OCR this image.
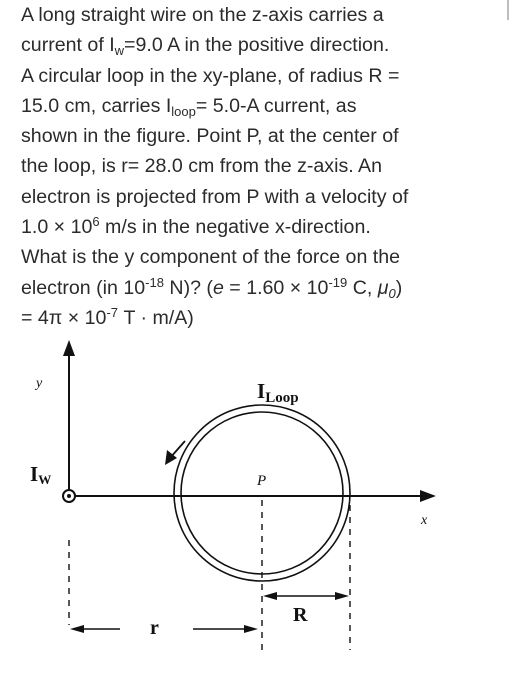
A long straight wire on the z-axis carries a
current of $I_w=9.0$ A in the positive direction.
A circular loop in the xy-plane, of radius R =
15.0 cm, carries $I_{loop}= 5.0-A$ current, as
shown in the figure. Point P, at the center of
the loop, is r= 28.0 cm from the z-axis. An
electron is projected from P with a velocity of
$1.0 \times 10^6$ m/s in the negative x-direction.
What is the y component of the force on the
electron (in $10^{-18}$ N)? ($e = 1.60 \times 10^{-19}$ C, $\mu_0$)
= $4\pi \times 10^{-7}$ T · m/A)
y
x
IW
ILoop
P
r
R
